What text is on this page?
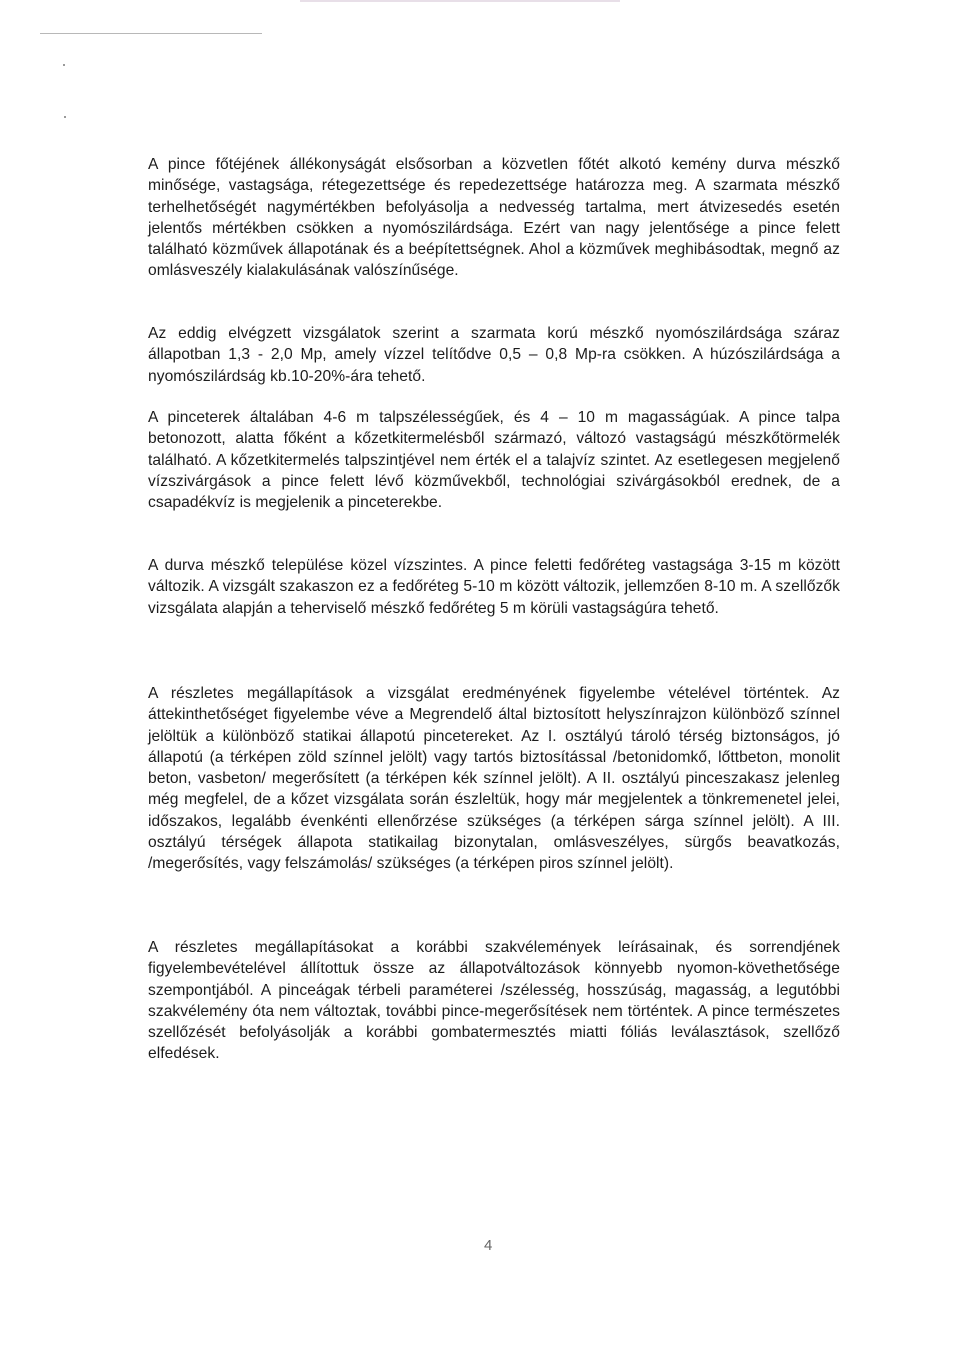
A pince főtéjének állékonyságát elsősorban a közvetlen főtét alkotó kemény durva mészkő minősége, vastagsága, rétegezettsége és repedezettsége határozza meg. A szarmata mészkő terhelhetőségét nagymértékben befolyásolja a nedvesség tartalma, mert átvizesedés esetén jelentős mértékben csökken a nyomószilárdsága. Ezért van nagy jelentősége a pince felett található közművek állapotának és a beépítettségnek. Ahol a közművek meghibásodtak, megnő az omlásveszély kialakulásának valószínűsége.

Az eddig elvégzett vizsgálatok szerint a szarmata korú mészkő nyomószilárdsága száraz állapotban 1,3 - 2,0 Mp, amely vízzel telítődve 0,5 – 0,8 Mp-ra csökken. A húzószilárdsága a nyomószilárdság kb.10-20%-ára tehető.

A pinceterek általában 4-6 m talpszélességűek, és 4 – 10 m magasságúak. A pince talpa betonozott, alatta főként a kőzetkitermelésből származó, változó vastagságú mészkőtörmelék található. A kőzetkitermelés talpszintjével nem érték el a talajvíz szintet. Az esetlegesen megjelenő vízszivárgások a pince felett lévő közművekből, technológiai szivárgásokból erednek, de a csapadékvíz is megjelenik a pinceterekbe.

A durva mészkő települése közel vízszintes. A pince feletti fedőréteg vastagsága 3-15 m között változik. A vizsgált szakaszon ez a fedőréteg 5-10 m között változik, jellemzően 8-10 m. A szellőzők vizsgálata alapján a teherviselő mészkő fedőréteg 5 m körüli vastagságúra tehető.

A részletes megállapítások a vizsgálat eredményének figyelembe vételével történtek. Az áttekinthetőséget figyelembe véve a Megrendelő által biztosított helyszínrajzon különböző színnel jelöltük a különböző statikai állapotú pincetereket. Az I. osztályú tároló térség biztonságos, jó állapotú (a térképen zöld színnel jelölt) vagy tartós biztosítással /betonidomkő, lőttbeton, monolit beton, vasbeton/ megerősített (a térképen kék színnel jelölt). A II. osztályú pinceszakasz jelenleg még megfelel, de a kőzet vizsgálata során észleltük, hogy már megjelentek a tönkremenetel jelei, időszakos, legalább évenkénti ellenőrzése szükséges (a térképen sárga színnel jelölt). A III. osztályú térségek állapota statikailag bizonytalan, omlásveszélyes, sürgős beavatkozás, /megerősítés, vagy felszámolás/ szükséges (a térképen piros színnel jelölt).

A részletes megállapításokat a korábbi szakvélemények leírásainak, és sorrendjének figyelembevételével állítottuk össze az állapotváltozások könnyebb nyomon-követhetősége szempontjából. A pinceágak térbeli paraméterei /szélesség, hosszúság, magasság, a legutóbbi szakvélemény óta nem változtak, további pince-megerősítések nem történtek. A pince természetes szellőzését befolyásolják a korábbi gombatermesztés miatti fóliás leválasztások, szellőző elfedések.

4
